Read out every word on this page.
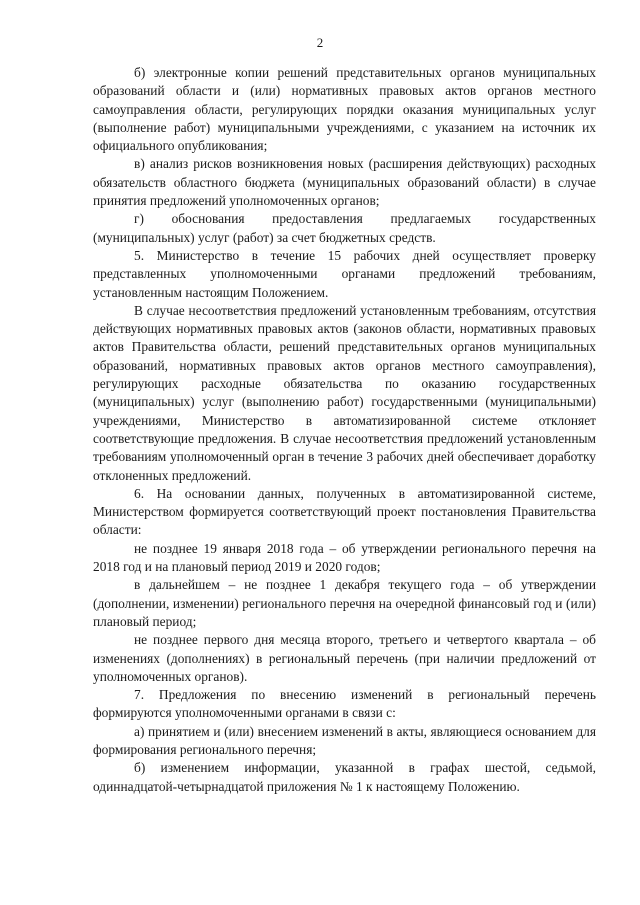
2

б) электронные копии решений представительных органов муниципальных образований области и (или) нормативных правовых актов органов местного самоуправления области, регулирующих порядки оказания муниципальных услуг (выполнение работ) муниципальными учреждениями, с указанием на источник их официального опубликования;

в) анализ рисков возникновения новых (расширения действующих) расходных обязательств областного бюджета (муниципальных образований области) в случае принятия предложений уполномоченных органов;

г) обоснования предоставления предлагаемых государственных (муниципальных) услуг (работ) за счет бюджетных средств.

5. Министерство в течение 15 рабочих дней осуществляет проверку представленных уполномоченными органами предложений требованиям, установленным настоящим Положением.

В случае несоответствия предложений установленным требованиям, отсутствия действующих нормативных правовых актов (законов области, нормативных правовых актов Правительства области, решений представительных органов муниципальных образований, нормативных правовых актов органов местного самоуправления), регулирующих расходные обязательства по оказанию государственных (муниципальных) услуг (выполнению работ) государственными (муниципальными) учреждениями, Министерство в автоматизированной системе отклоняет соответствующие предложения. В случае несоответствия предложений установленным требованиям уполномоченный орган в течение 3 рабочих дней обеспечивает доработку отклоненных предложений.

6. На основании данных, полученных в автоматизированной системе, Министерством формируется соответствующий проект постановления Правительства области:

не позднее 19 января 2018 года – об утверждении регионального перечня на 2018 год и на плановый период 2019 и 2020 годов;

в дальнейшем – не позднее 1 декабря текущего года – об утверждении (дополнении, изменении) регионального перечня на очередной финансовый год и (или) плановый период;

не позднее первого дня месяца второго, третьего и четвертого квартала – об изменениях (дополнениях) в региональный перечень (при наличии предложений от уполномоченных органов).

7. Предложения по внесению изменений в региональный перечень формируются уполномоченными органами в связи с:

а) принятием и (или) внесением изменений в акты, являющиеся основанием для формирования регионального перечня;

б) изменением информации, указанной в графах шестой, седьмой, одиннадцатой-четырнадцатой приложения № 1 к настоящему Положению.
